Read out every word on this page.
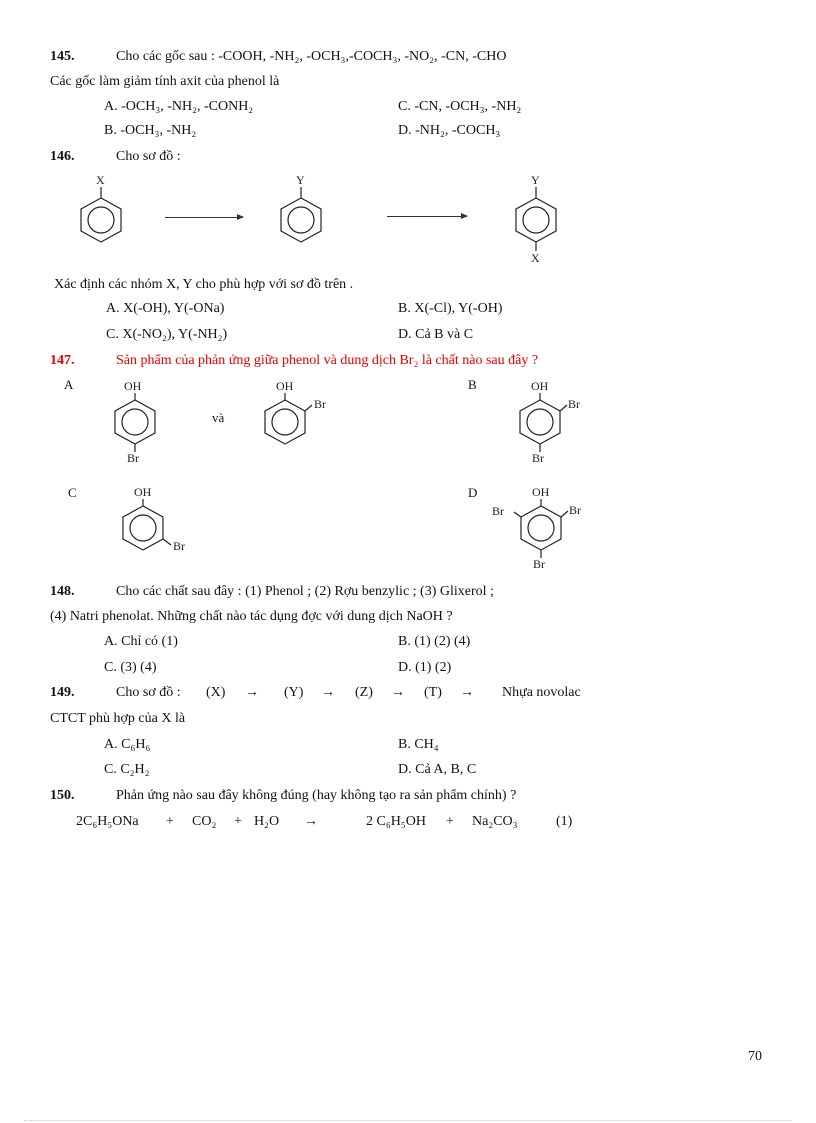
145.	Cho các gốc sau : -COOH, -NH₂, -OCH₃,-COCH₃, -NO₂, -CN, -CHO
Các gốc làm giảm tính axit của phenol là
A. -OCH₃, -NH₂, -CONH₂	C. -CN, -OCH₃, -NH₂
B. -OCH₃, -NH₂	D. -NH₂, -COCH₃
146.	Cho sơ đồ :
X	Y	Y
X
Xác định các nhóm X, Y cho phù hợp với sơ đồ trên .
A. X(-OH), Y(-ONa)	B. X(-Cl), Y(-OH)
C. X(-NO₂), Y(-NH₂)	D. Cả B và C
147.	Sản phẩm của phản ứng giữa phenol và dung dịch Br₂ là chất nào sau đây ?
A	OH
Br
và
OH
Br
B	OH
Br
Br
C	OH
Br
D	OH
Br
Br
Br
148.	Cho các chất sau đây : (1) Phenol ; (2) Rợu benzylic ; (3) Glixerol ;
(4) Natri phenolat. Những chất nào tác dụng đợc với dung dịch NaOH ?
A. Chỉ có (1)	B. (1) (2) (4)
C. (3) (4)	D. (1) (2)
149.	Cho sơ đồ : (X) → (Y) → (Z) → (T) → Nhựa novolac
CTCT phù hợp của X là
A. C₆H₆	B. CH₄
C. C₂H₂	D. Cả A, B, C
150.	Phản ứng nào sau đây không đúng (hay không tạo ra sản phẩm chính) ?
2C₆H₅ONa + CO₂ + H₂O →	2 C₆H₅OH + Na₂CO₃	(1)
70
